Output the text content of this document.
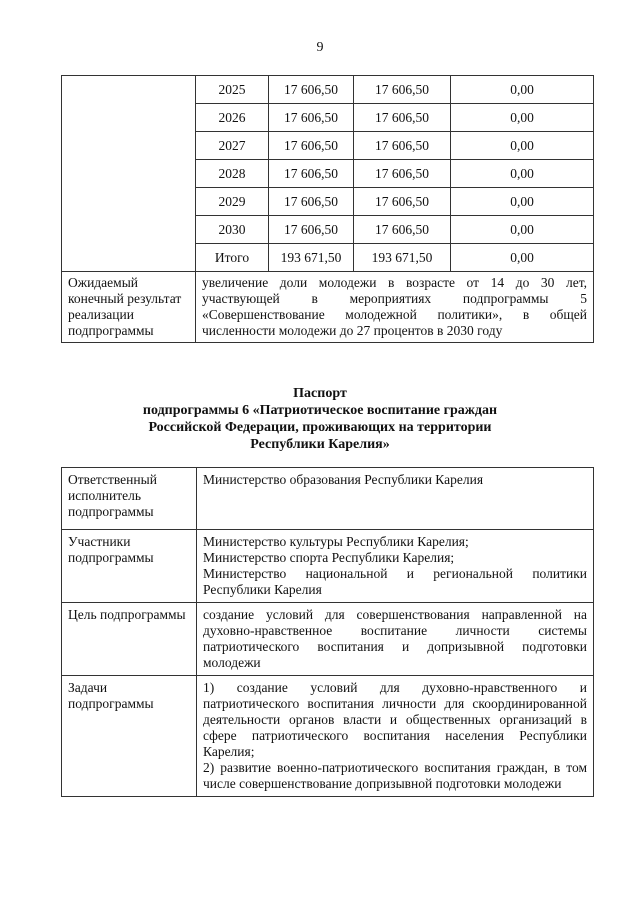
9
	2025	17 606,50	17 606,50	0,00
	2026	17 606,50	17 606,50	0,00
	2027	17 606,50	17 606,50	0,00
	2028	17 606,50	17 606,50	0,00
	2029	17 606,50	17 606,50	0,00
	2030	17 606,50	17 606,50	0,00
	Итого	193 671,50	193 671,50	0,00
Ожидаемый конечный результат реализации подпрограммы	увеличение доли молодежи в возрасте от 14 до 30 лет, участвующей в мероприятиях подпрограммы 5 «Совершенствование молодежной политики», в общей численности молодежи до 27 процентов в 2030 году			
Паспорт
подпрограммы 6 «Патриотическое воспитание граждан
Российской Федерации, проживающих на территории
Республики Карелия»
Ответственный исполнитель подпрограммы	Министерство образования Республики Карелия

Участники подпрограммы	Министерство культуры Республики Карелия;
Министерство спорта Республики Карелия;
Министерство национальной и региональной политики Республики Карелия

Цель подпрограммы	создание условий для совершенствования направленной на духовно-нравственное воспитание личности системы патриотического воспитания и допризывной подготовки молодежи

Задачи подпрограммы	1) создание условий для духовно-нравственного и патриотического воспитания личности для скоординированной деятельности органов власти и общественных организаций в сфере патриотического воспитания населения Республики Карелия;
2) развитие военно-патриотического воспитания граждан, в том числе совершенствование допризывной подготовки молодежи
